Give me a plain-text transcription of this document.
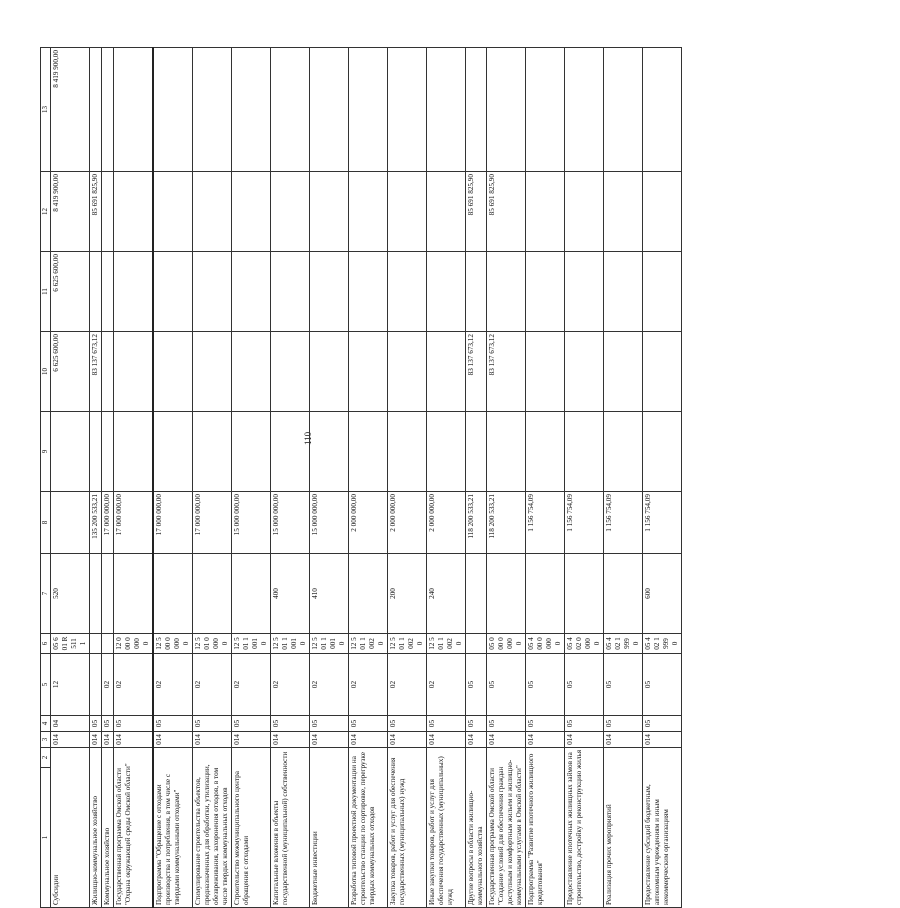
110
1	2	3	4	5	6	7	8	9	10	11	12	13
Субсидии		014	04	12	05 6 01 R 511 1	520			6 625 600,00	6 625 600,00	8 419 900,00	8 419 900,00
Жилищно-коммунальное хозяйство		014	05				135 200 533,21		83 137 673,12		85 691 825,90	
Коммунальное хозяйство		014	05	02			17 000 000,00					
Государственная программа Омской области "Охрана окружающей среды Омской области"		014	05	02	12 0 00 0 000 0		17 000 000,00					
Подпрограмма "Обращение с отходами производства и потребления, в том числе с твердыми коммунальными отходами"		014	05	02	12 5 00 0 000 0		17 000 000,00					
Стимулирование строительства объектов, предназначенных для обработки, утилизации, обезвреживания, захоронения отходов, в том числе твердых коммунальных отходов		014	05	02	12 5 01 0 000 0		17 000 000,00					
Строительство межмуниципального центра обращения с отходами		014	05	02	12 5 01 1 001 0		15 000 000,00					
Капитальные вложения в объекты государственной (муниципальной) собственности		014	05	02	12 5 01 1 001 0	400	15 000 000,00					
Бюджетные инвестиции		014	05	02	12 5 01 1 001 0	410	15 000 000,00					
Разработка типовой проектной документации на строительство станции по сортировке, перегрузке твердых коммунальных отходов		014	05	02	12 5 01 1 002 0		2 000 000,00					
Закупка товаров, работ и услуг для обеспечения государственных (муниципальных) нужд		014	05	02	12 5 01 1 002 0	200	2 000 000,00					
Иные закупки товаров, работ и услуг для обеспечения государственных (муниципальных) нужд		014	05	02	12 5 01 1 002 0	240	2 000 000,00					
Другие вопросы в области жилищно-коммунального хозяйства		014	05	05			118 200 533,21		83 137 673,12		85 691 825,90	
Государственная программа Омской области "Создание условий для обеспечения граждан доступным и комфортным жильем и жилищно-коммунальными услугами в Омской области"		014	05	05	05 0 00 0 000 0		118 200 533,21		83 137 673,12		85 691 825,90	
Подпрограмма "Развитие ипотечного жилищного кредитования"		014	05	05	05 4 00 0 000 0		1 156 754,09					
Предоставление ипотечных жилищных займов на строительство, достройку и реконструкцию жилья		014	05	05	05 4 02 0 000 0		1 156 754,09					
Реализация прочих мероприятий		014	05	05	05 4 02 1 999 0		1 156 754,09					
Предоставление субсидий бюджетным, автономным учреждениям и иным некоммерческим организациям		014	05	05	05 4 02 1 999 0	600	1 156 754,09					
